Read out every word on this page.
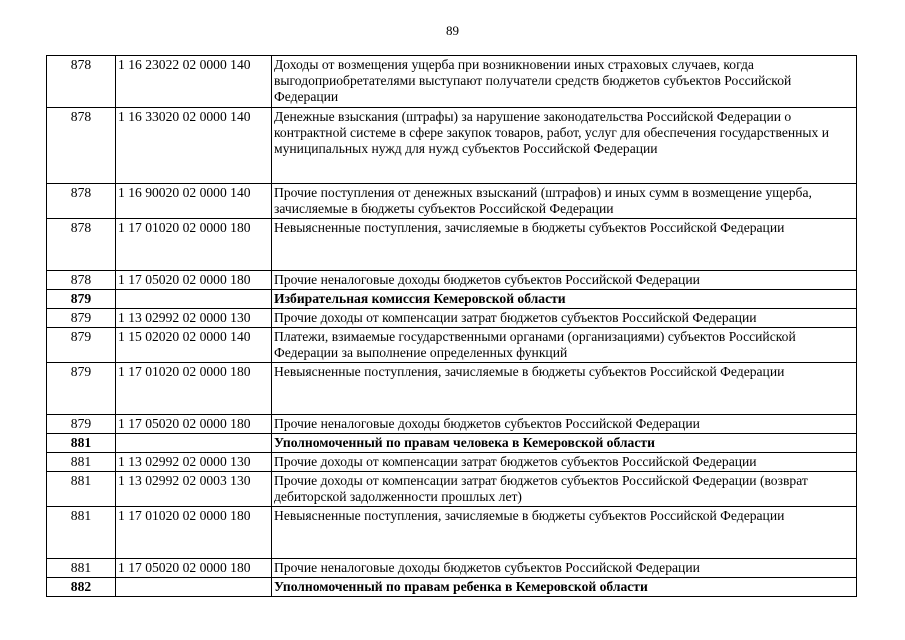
89
878	1 16 23022 02 0000 140	Доходы от возмещения ущерба при возникновении иных страховых случаев, когда выгодоприобретателями выступают получатели средств бюджетов субъектов Российской Федерации
878	1 16 33020 02 0000 140	Денежные взыскания (штрафы) за нарушение законодательства Российской Федерации о контрактной системе в сфере закупок товаров, работ, услуг для обеспечения государственных и муниципальных нужд для нужд субъектов Российской Федерации
878	1 16 90020 02 0000 140	Прочие поступления от денежных взысканий (штрафов) и иных сумм в возмещение ущерба, зачисляемые в бюджеты субъектов Российской Федерации
878	1 17 01020 02 0000 180	Невыясненные поступления, зачисляемые в бюджеты субъектов Российской Федерации
878	1 17 05020 02 0000 180	Прочие неналоговые доходы бюджетов субъектов Российской Федерации
879		Избирательная комиссия Кемеровской области
879	1 13 02992 02 0000 130	Прочие доходы от компенсации затрат бюджетов субъектов Российской Федерации
879	1 15 02020 02 0000 140	Платежи, взимаемые государственными органами (организациями) субъектов Российской Федерации за выполнение определенных функций
879	1 17 01020 02 0000 180	Невыясненные поступления, зачисляемые в бюджеты субъектов Российской Федерации
879	1 17 05020 02 0000 180	Прочие неналоговые доходы бюджетов субъектов Российской Федерации
881		Уполномоченный по правам человека в Кемеровской области
881	1 13 02992 02 0000 130	Прочие доходы от компенсации затрат бюджетов субъектов Российской Федерации
881	1 13 02992 02 0003 130	Прочие доходы от компенсации затрат бюджетов субъектов Российской Федерации (возврат дебиторской задолженности прошлых лет)
881	1 17 01020 02 0000 180	Невыясненные поступления, зачисляемые в бюджеты субъектов Российской Федерации
881	1 17 05020 02 0000 180	Прочие неналоговые доходы бюджетов субъектов Российской Федерации
882		Уполномоченный по правам ребенка в Кемеровской области
